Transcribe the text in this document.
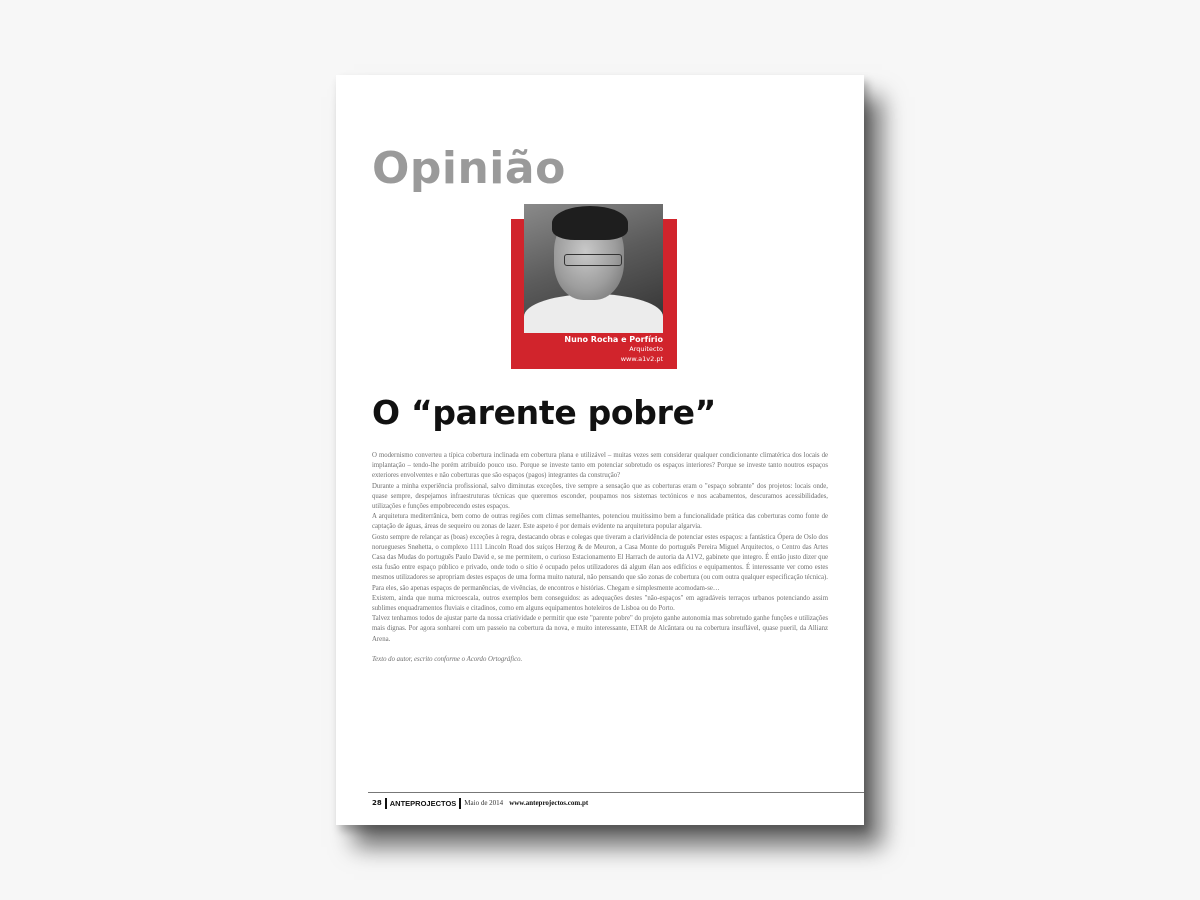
Opinião
Nuno Rocha e Porfírio
Arquitecto
www.a1v2.pt
O “parente pobre”

O modernismo converteu a típica cobertura inclinada em cobertura plana e utilizável – muitas vezes sem considerar qualquer condicionante climatérica dos locais de implantação – tendo-lhe porém atribuído pouco uso. Porque se investe tanto em potenciar sobretudo os espaços interiores? Porque se investe tanto noutros espaços exteriores envolventes e não coberturas que são espaços (pagos) integrantes da construção?

Durante a minha experiência profissional, salvo diminutas exceções, tive sempre a sensação que as coberturas eram o "espaço sobrante" dos projetos: locais onde, quase sempre, despejamos infraestruturas técnicas que queremos esconder, poupamos nos sistemas tectónicos e nos acabamentos, descuramos acessibilidades, utilizações e funções empobrecendo estes espaços.

A arquitetura mediterrânica, bem como de outras regiões com climas semelhantes, potenciou muitíssimo bem a funcionalidade prática das coberturas como fonte de captação de águas, áreas de sequeiro ou zonas de lazer. Este aspeto é por demais evidente na arquitetura popular algarvia.

Gosto sempre de relançar as (boas) exceções à regra, destacando obras e colegas que tiveram a clarividência de potenciar estes espaços: a fantástica Ópera de Oslo dos noruegueses Snøhetta, o complexo 1111 Lincoln Road dos suíços Herzog & de Meuron, a Casa Monte do português Pereira Miguel Arquitectos, o Centro das Artes Casa das Mudas do português Paulo David e, se me permitem, o curioso Estacionamento El Harrach de autoria da A1V2, gabinete que integro. É então justo dizer que esta fusão entre espaço público e privado, onde todo o sítio é ocupado pelos utilizadores dá algum élan aos edifícios e equipamentos. É interessante ver como estes mesmos utilizadores se apropriam destes espaços de uma forma muito natural, não pensando que são zonas de cobertura (ou com outra qualquer especificação técnica). Para eles, são apenas espaços de permanências, de vivências, de encontros e histórias. Chegam e simplesmente acomodam-se…

Existem, ainda que numa microescala, outros exemplos bem conseguidos: as adequações destes "não-espaços" em agradáveis terraços urbanos potenciando assim sublimes enquadramentos fluviais e citadinos, como em alguns equipamentos hoteleiros de Lisboa ou do Porto.

Talvez tenhamos todos de ajustar parte da nossa criatividade e permitir que este "parente pobre" do projeto ganhe autonomia mas sobretudo ganhe funções e utilizações mais dignas. Por agora sonharei com um passeio na cobertura da nova, e muito interessante, ETAR de Alcântara ou na cobertura insuflável, quase pueril, da Allianz Arena.

Texto do autor, escrito conforme o Acordo Ortográfico.

28 ANTEPROJECTOS Maio de 2014 www.anteprojectos.com.pt
